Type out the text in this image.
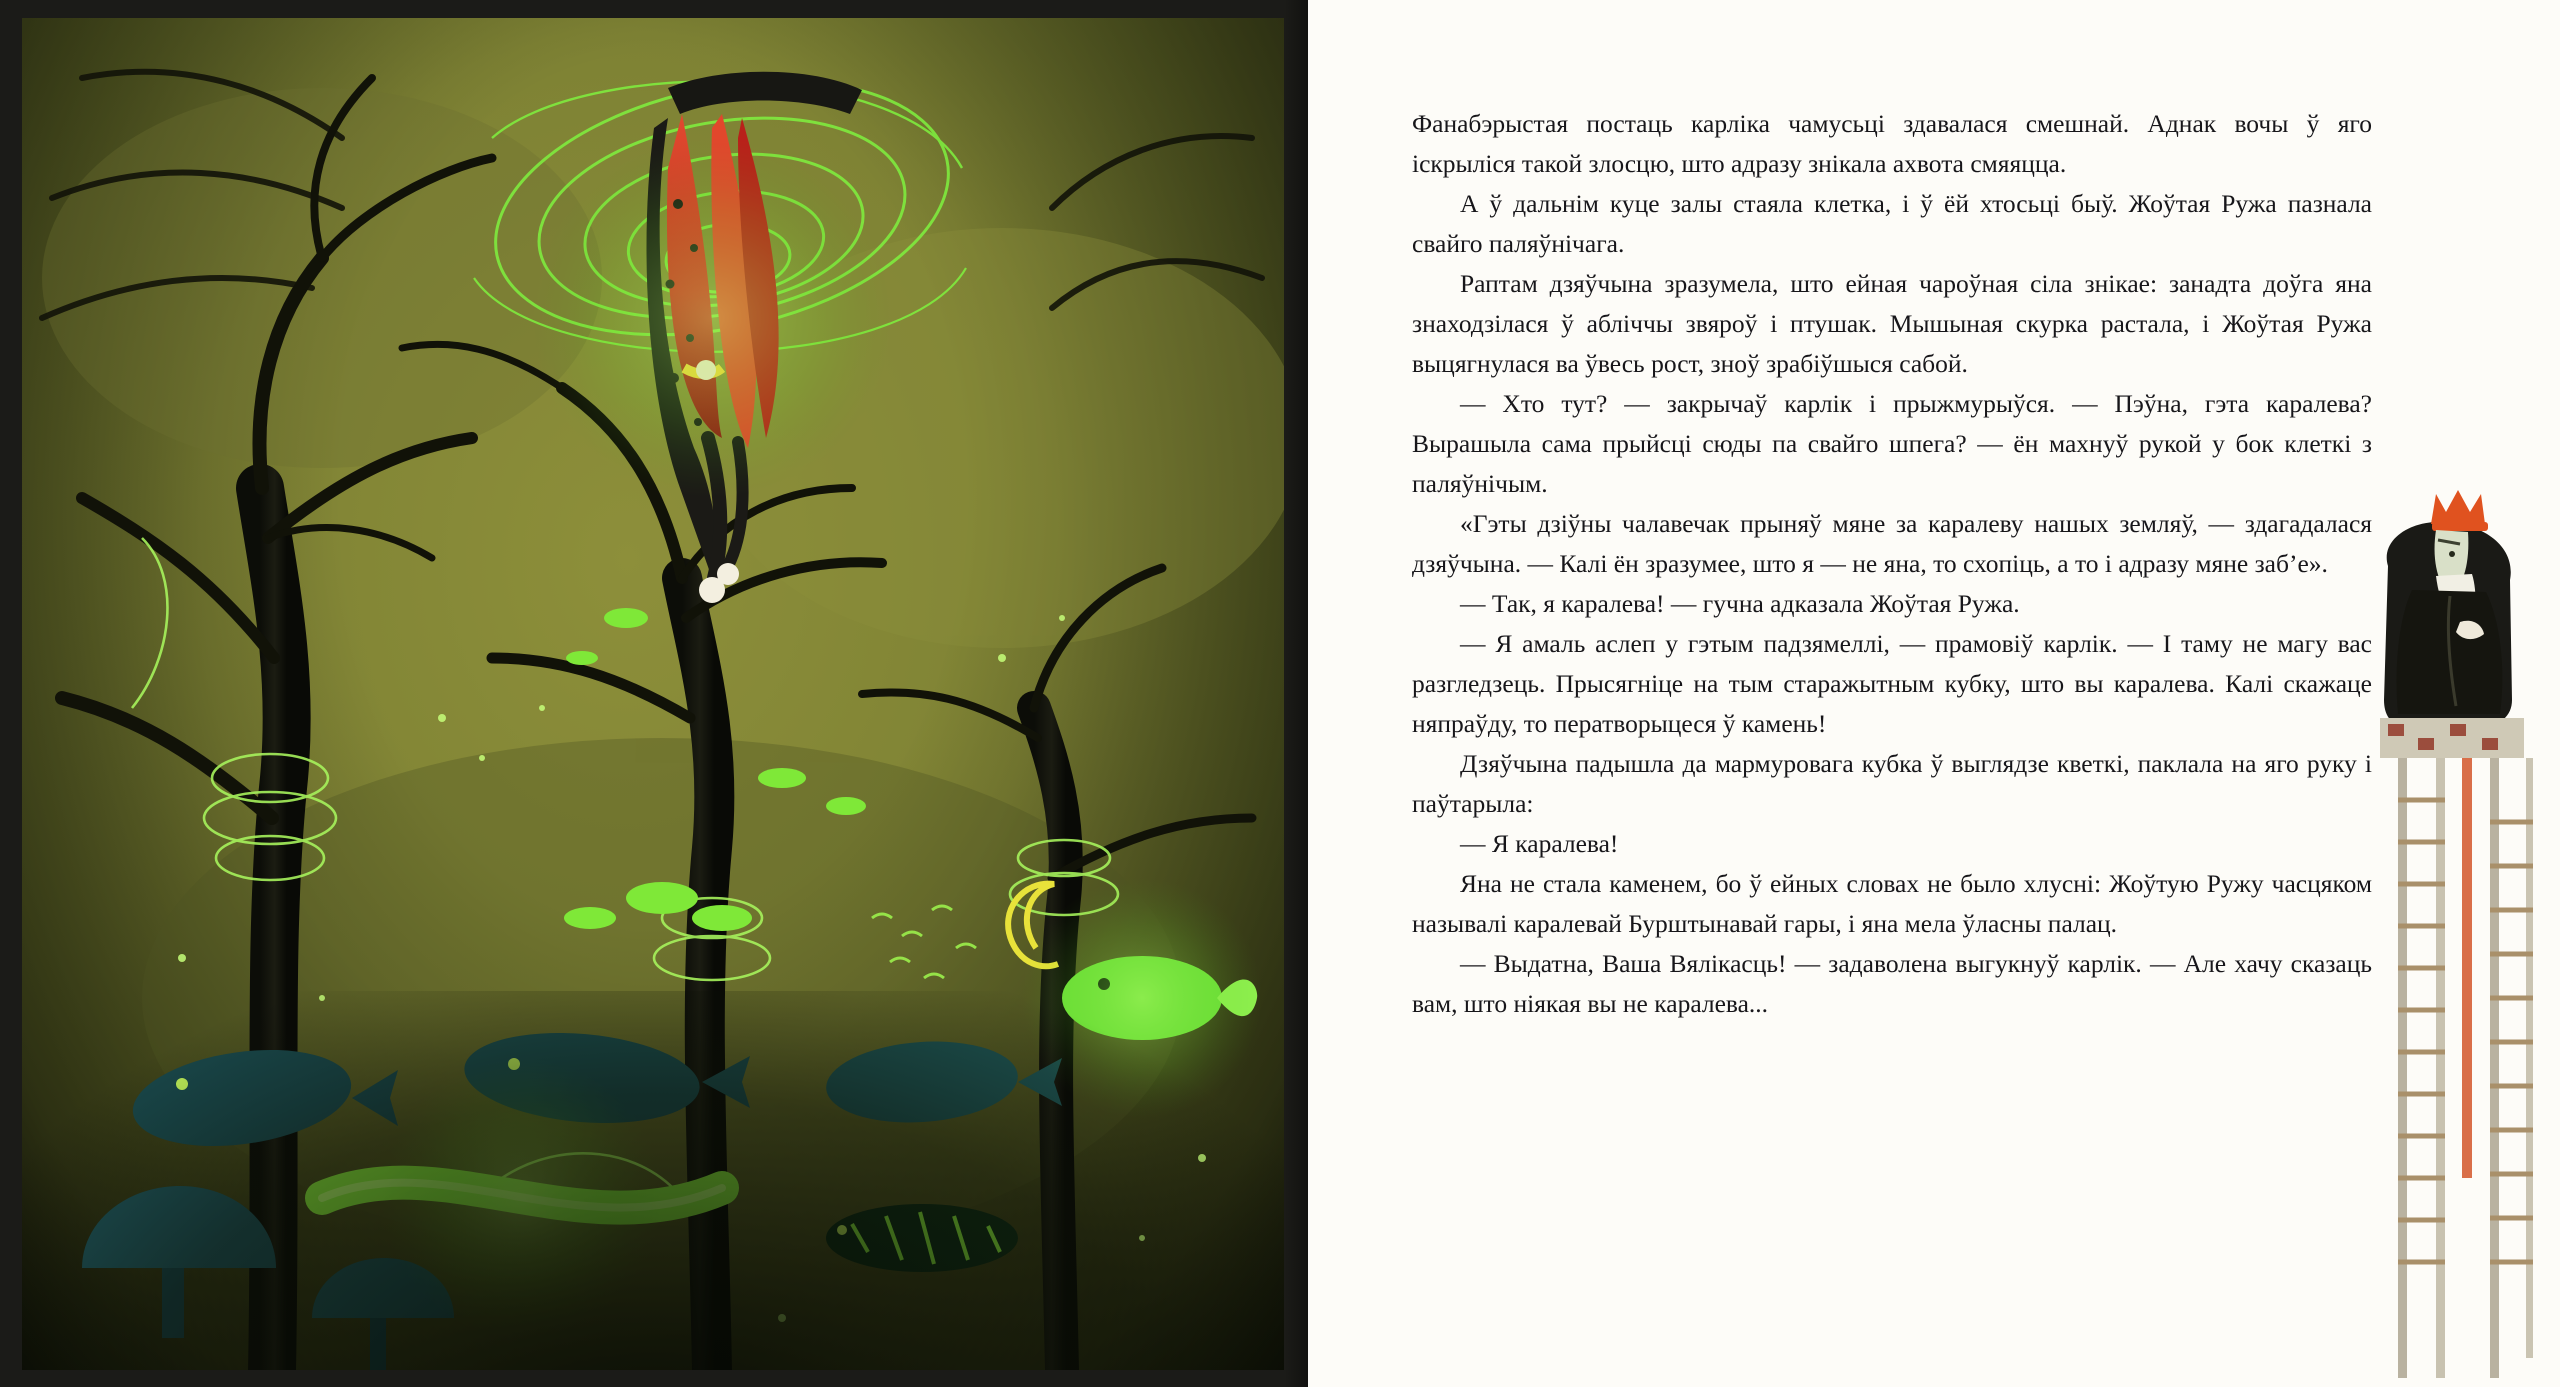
Фанабэрыстая постаць карліка чамусьці здавалася смешнай. Аднак вочы ў яго іскрыліся такой злосцю, што адразу знікала ахвота смяяцца.

А ў дальнім куце залы стаяла клетка, і ў ёй хтосьці быў. Жоўтая Ружа пазнала свайго паляўнічага.

Раптам дзяўчына зразумела, што ейная чароўная сіла знікае: занадта доўга яна знаходзілася ў абліччы звяроў і птушак. Мышыная скурка растала, і Жоўтая Ружа выцягнулася ва ўвесь рост, зноў зрабіўшыся сабой.

— Хто тут? — закрычаў карлік і прыжмурыўся. — Пэўна, гэта каралева? Вырашыла сама прыйсці сюды па свайго шпега? — ён махнуў рукой у бок клеткі з паляўнічым.

«Гэты дзіўны чалавечак прыняў мяне за каралеву нашых земляў, — здагадалася дзяўчына. — Калі ён зразумее, што я — не яна, то схопіць, а то і адразу мяне заб’е».

— Так, я каралева! — гучна адказала Жоўтая Ружа.

— Я амаль аслеп у гэтым падзямеллі, — прамовіў карлік. — І таму не магу вас разгледзець. Прысягніце на тым старажытным кубку, што вы каралева. Калі скажаце няпраўду, то ператворыцеся ў камень!

Дзяўчына падышла да мармуровага кубка ў выглядзе кветкі, паклала на яго руку і паўтарыла:

— Я каралева!

Яна не стала каменем, бо ў ейных словах не было хлусні: Жоўтую Ружу часцяком называлі каралевай Бурштынавай гары, і яна мела ўласны палац.

— Выдатна, Ваша Вялікасць! — задаволена выгукнуў карлік. — Але хачу сказаць вам, што ніякая вы не каралева...
